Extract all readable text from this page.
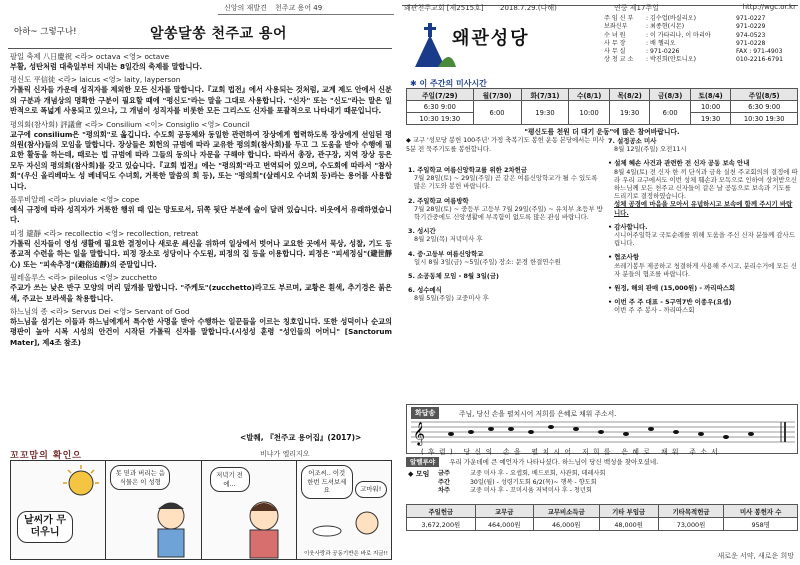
신앙의 재발견 천주교 용어 49
아하~ 그렇구나!	알쏭달쏭 천주교 용어
팔일 축제 八日慶祝 <라> octava <영> octave
부활, 성탄처럼 대축일부터 지내는 8일간의 축제를 말합니다.
평신도 平信徒 <라> laicus <영> laity, layperson
가톨릭 신자들 가운데 성직자를 제외한 모든 신자를 말합니다.『교회 법전』에서 사용되는 것처럼, 교계 제도 안에서 신분의 구분과 개념상의 명확한 구분이 필요할 때에 "평신도"라는 말을 그대로 사용합니다. "신자" 또는 "신도"라는 말은 일반적으로 폭넓게 사용되고 있으나, 그 개념이 성직자를 비롯한 모든 그리스도 신자를 포괄적으로 나타내기 때문입니다.
평의회(참사회) 評議會 <라> Consilium <이> Consiglio <영> Council
교구에 consilium은 "평의회"로 옮깁니다. 수도회 공동체와 동일한 관련하여 장상에게 협력하도록 장상에게 선임된 평의원(참사)들의 모임을 말합니다. 장상들은 회헌의 규범에 따라 교유한 평의회(참사회)를 두고 그 도움을 받아 수행에 필요한 활동을 하는데, 때로는 법 규범에 따라 그들의 동의나 자문을 구해야 합니다. 따라서 총장, 관구장, 지역 장상 등은 모두 자신의 평의회(참사회)를 갖고 있습니다.『교회 법전』에는 "평의회"라고 번역되어 있으며, 수도회에 따라서 "참사회"(우신 올리베따노 성 베네딕도 수녀회, 거룩한 말씀의 회 등), 또는 "평의회"(살레시오 수녀회 등)라는 용어를 사용합니다.
플루비알레 <라> pluviale <영> cope
예식 규정에 따라 성직자가 거룩한 행위 때 입는 망토로서, 뒤쪽 뒷단 부분에 술이 달려 있습니다. 비옷에서 유래하였습니다.
피정 避靜 <라> recollectio <영> recollection, retreat
가톨릭 신자들이 영성 생활에 필요한 결정이나 새로운 쇄신을 위하여 일상에서 벗어나 교요한 곳에서 묵상, 성찰, 기도 등 종교적 수련을 하는 일을 말합니다. 피정 장소로 성당이나 수도원, 피정의 집 등을 이용합니다. 피정은 "피세정심"(避世靜心) 또는 "피속추정"(避俗追靜)의 준말입니다.
필레올루스 <라> pileolus <영> zucchetto
주교가 쓰는 낮은 반구 모양의 머리 덮개를 말합니다. "주케토"(zucchetto)라고도 부르며, 교황은 흰색, 추기경은 붉은색, 주교는 보라색을 착용합니다.
하느님의 종 <라> Servus Dei <영> Servant of God
하느님을 섬기는 이들과 하느님에게서 특수한 사명을 받아 수행하는 일꾼들을 이르는 칭호입니다. 또한 성덕이나 순교의 평판이 높아 시복 시성의 안건이 시작된 가톨릭 신자를 말합니다.(시성성 훈령 "성인들의 어머니" [Sanctorum Mater], 제4조 참조)
<발췌, 『천주교 용어집』(2017)>
꼬꼬맘의 확인으	비냐가 엘리지오
날씨가 무더우니
못 믿과 버리는 음식물은 이 성형
저녁기 전에...
어조씨.. 이것 한번 드셔보세요	고마워!
이웃사랑과 공동기반은 바로 지금!!
왜관천주교회 [제2515호] 2018.7.29.(나해)	연중 제17주일	http://wgc.or.kr
왜관성당
주 임 신 부	: 김수업(바실리오)	971-0227
보좌신부	: 최종현(시몬)	971-0229
수 녀 원	: 이 가타리나, 이 마리아	974-0523
사 무 장	: 배 헬리오	971-0228
사 무 실	: 971-0226	FAX : 971-4903
상 청 교 소	: 박진희(안토니오)	010-2216-6791
✱ 이 주간의 미사시간
주일(7/29)	월(7/30)	화(7/31)	수(8/1)	목(8/2)	금(8/3)	토(8/4)	주일(8/5)
6:30 9:00	6:00	19:30	10:00	19:30	6:00	10:00	6:30 9:00
10:30 19:30						19:30	10:30 19:30
"평신도를 천원 더 대기 운동"에 많은 참여바랍니다.
◆ 교구 '성모당 봉헌 100주년' 가정 축복기도 봉헌 운동 본당에서는 미사 5분 전 묵주기도를 봉헌합니다.
1. 주일학교 여름신앙학교를 위한 2차헌금
7월 28일(토) ~ 29일(주일) 곧 같은 여름신앙학교가 될 수 있도록 많은 기도와 봉헌 바랍니다.
2. 주일학교 여름방학
7월 28일(토) ~ 중등부 고등부 7월 29일(주일) ~ 유치부 초등부 방학기간중에도 신앙생활에 부족함이 없도록 많은 관심 바랍니다.
3. 성시간
8월 2일(목) 저녁미사 후
4. 중·고등부 여름신앙학교
일시 8월 3일(금) ~5일(주일) 장소: 문경 한결연수원
5. 소공동체 모임 - 8월 3일(금)
6. 성수예식
8월 5일(주일) 교중미사 후
7. 설정공소 미사
8월 12일(주일) 오전11시
• 설체 혜손 사건과 관련한 전 신자 공동 보속 안내
8월 4일(토) 전 신자 한 끼 단식과 금육 실천 주교회의의 결정에 따라 우리 교구에서도 이번 성체 훼손과 모독으로 인하여 상처받으신 하느님께 모든 천주교 신자들이 같은 날 공동으로 보속과 기도를 드리기로 결정하였습니다.
성체 공경에 마음을 모아서 유념하시고 보속에 함께 주시기 바랍니다.
• 감사합니다.
시니어주일학교 국토순례를 위해 도움을 주신 신자 분들께 감사드립니다.
• 협조사항
쓰레기봉투 제공하고 청결하게 사용해 주시고, 분리수거에 모든 신자 분들의 협조를 바랍니다.
• 원정, 해외 판매 (15,000원) - 까리따스회
• 이번 주 주 대표 - 5구역7반 이종우(요셉)
이번 주 주 봉사 - 까리따스회
화답송	주님, 당신 손을 펼치시어 저희를 은혜로 채워 주소서.
𝄞
(후렴) 당신의 손을 펼치시어 저희를 은혜로 채워 주소서
알렐루야 우리 가운데에 큰 예언자가 나타나셨다. 하느님이 당신 백성을 찾아오셨네.
◆ 모임 금주	교중 미사 후 - 요셉회, 베드로회, 사관회, 데레사회
주간	30일(월) - 성령기도회 6/2(목)~ 행복 - 향도회
차주	교중 미사 후 - 꼬미시움 저녁미사 후 - 청년회
주일헌금	교무금	교무비소득금	기타 부임금	기타목적헌금	미사 봉헌자 수
3,672,200원	464,000원	46,000원	48,000원	73,000원	958명
새로운 서약, 새로운 희망
